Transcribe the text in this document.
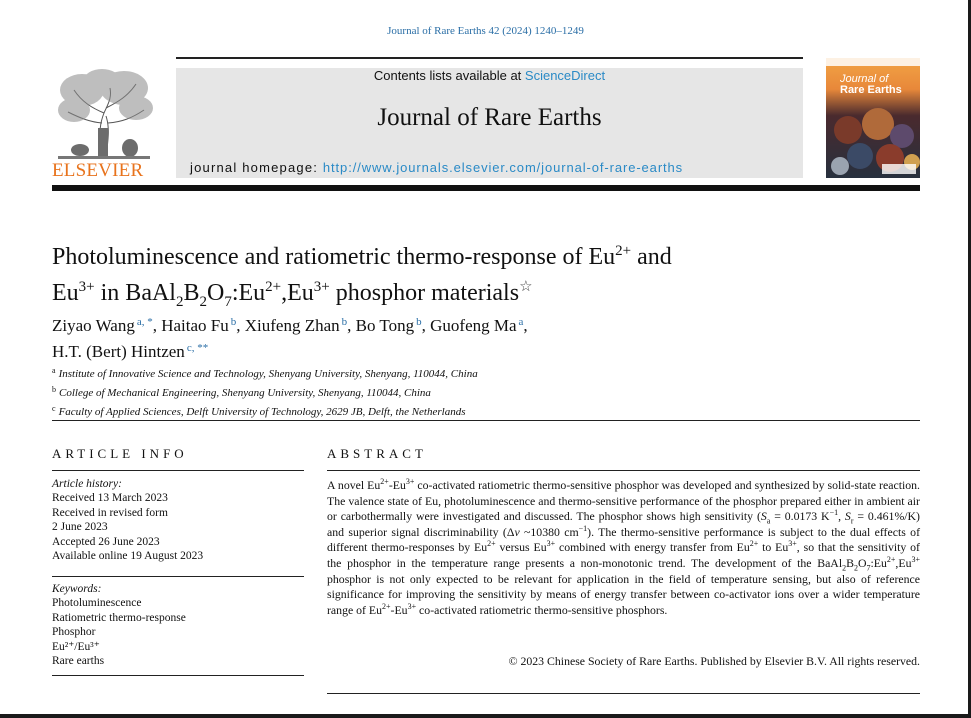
Journal of Rare Earths 42 (2024) 1240–1249
ELSEVIER
Contents lists available at ScienceDirect
Journal of Rare Earths
journal homepage: http://www.journals.elsevier.com/journal-of-rare-earths
Journal of
Rare Earths
Photoluminescence and ratiometric thermo-response of $Eu^{2+}$ and
$Eu^{3+}$ in $BaAl_2B_2O_7:Eu^{2+},Eu^{3+}$ phosphor materials☆
Ziyao Wang $^{a, *}$, Haitao Fu $^b$, Xiufeng Zhan $^b$, Bo Tong $^b$, Guofeng Ma $^a$,
H.T. (Bert) Hintzen $^{c, **}$
$^a$ Institute of Innovative Science and Technology, Shenyang University, Shenyang, 110044, China
$^b$ College of Mechanical Engineering, Shenyang University, Shenyang, 110044, China
$^c$ Faculty of Applied Sciences, Delft University of Technology, 2629 JB, Delft, the Netherlands
ARTICLE INFO
Article history:
Received 13 March 2023
Received in revised form
2 June 2023
Accepted 26 June 2023
Available online 19 August 2023
Keywords:
Photoluminescence
Ratiometric thermo-response
Phosphor
Eu²⁺/Eu³⁺
Rare earths
ABSTRACT
A novel $Eu^{2+}-Eu^{3+}$ co-activated ratiometric thermo-sensitive phosphor was developed and synthesized by solid-state reaction. The valence state of Eu, photoluminescence and thermo-sensitive performance of the phosphor prepared either in ambient air or carbothermally were investigated and discussed. The phosphor shows high sensitivity ($S_a = 0.0173$ $K^{-1}$, $S_r = 0.461\%/K$) and superior signal discriminability (Δν ~10380 $cm^{-1}$). The thermo-sensitive performance is subject to the dual effects of different thermo-responses by $Eu^{2+}$ versus $Eu^{3+}$ combined with energy transfer from $Eu^{2+}$ to $Eu^{3+}$, so that the sensitivity of the phosphor in the temperature range presents a non-monotonic trend. The development of the $BaAl_2B_2O_7:Eu^{2+},Eu^{3+}$ phosphor is not only expected to be relevant for application in the field of temperature sensing, but also of reference significance for improving the sensitivity by means of energy transfer between co-activator ions over a wider temperature range of $Eu^{2+}-Eu^{3+}$ co-activated ratiometric thermo-sensitive phosphors.
© 2023 Chinese Society of Rare Earths. Published by Elsevier B.V. All rights reserved.
